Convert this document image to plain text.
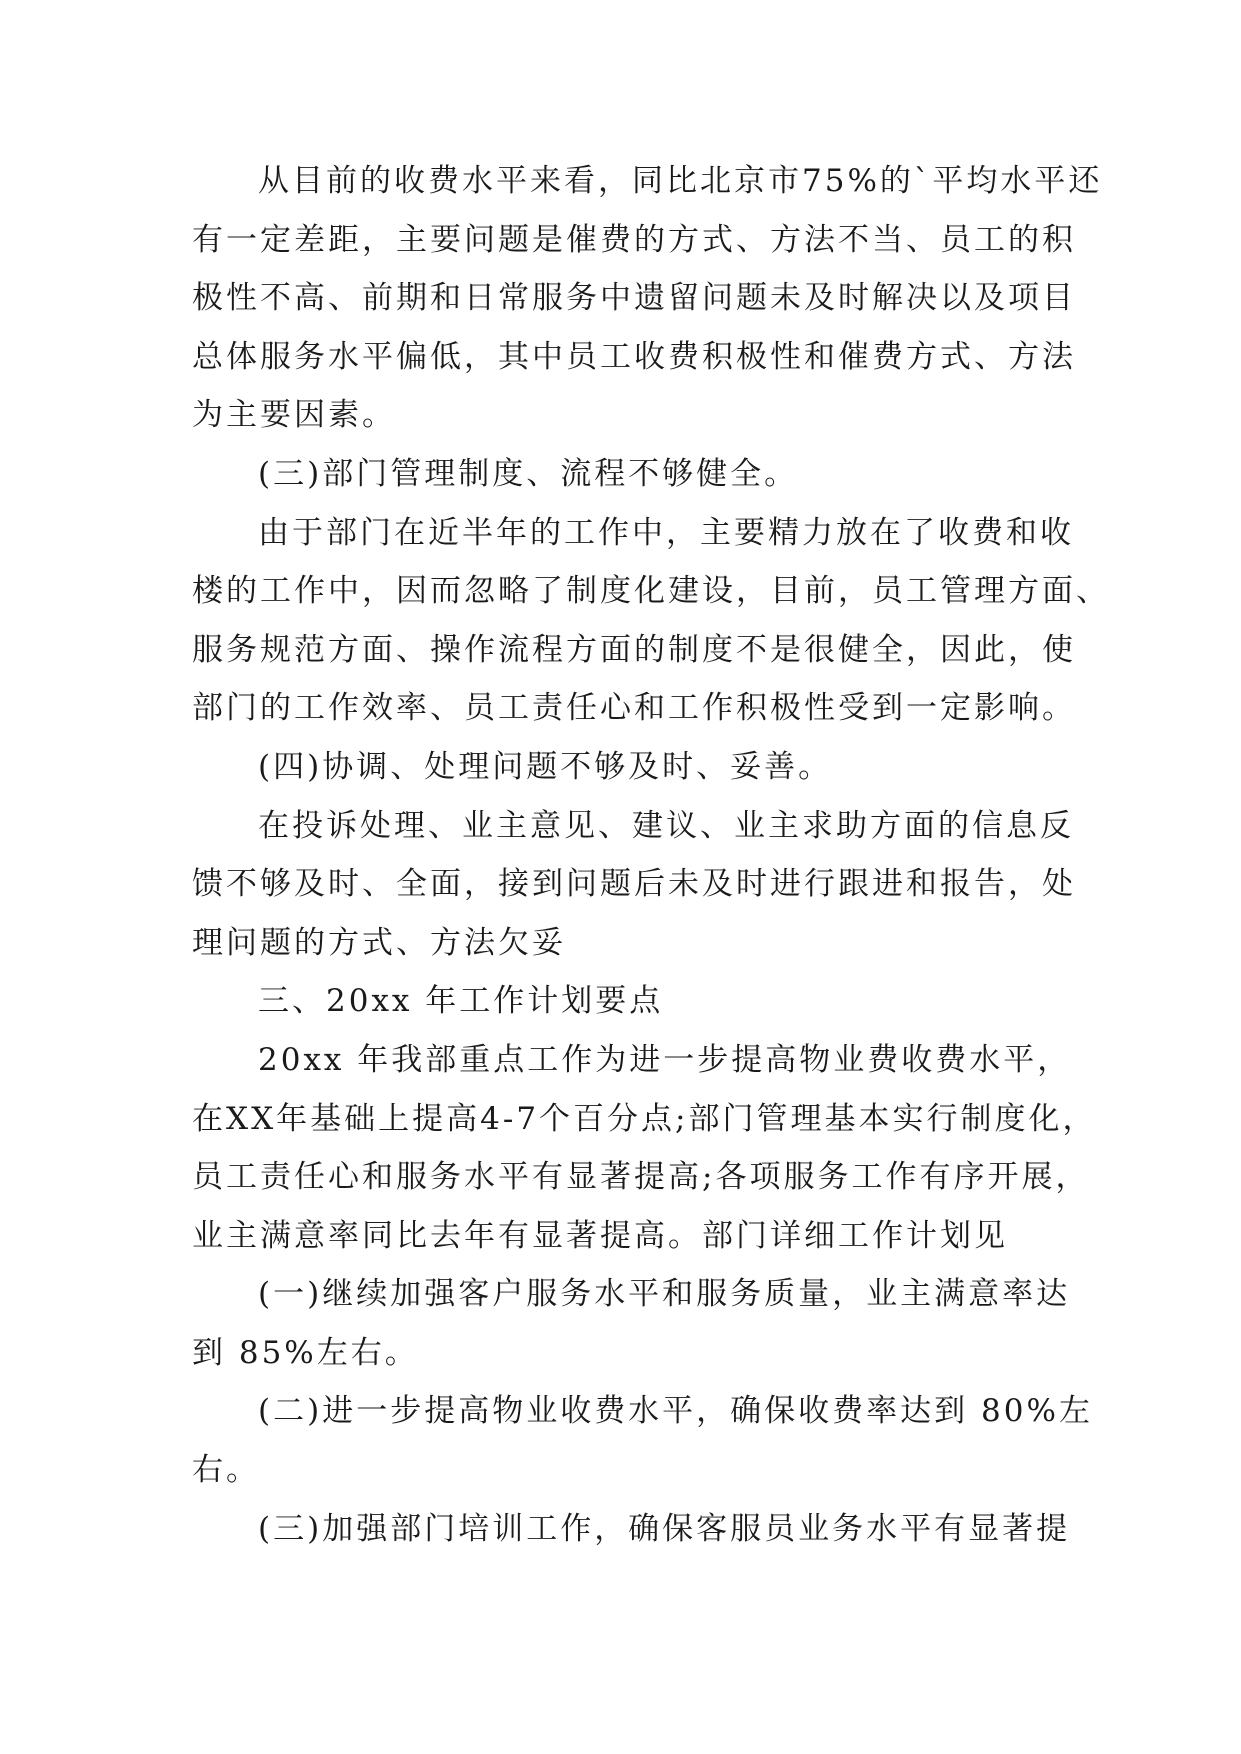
从目前的收费水平来看，同比北京市75%的`平均水平还
有一定差距，主要问题是催费的方式、方法不当、员工的积
极性不高、前期和日常服务中遗留问题未及时解决以及项目
总体服务水平偏低，其中员工收费积极性和催费方式、方法
为主要因素。
(三)部门管理制度、流程不够健全。
由于部门在近半年的工作中，主要精力放在了收费和收
楼的工作中，因而忽略了制度化建设，目前，员工管理方面、
服务规范方面、操作流程方面的制度不是很健全，因此，使
部门的工作效率、员工责任心和工作积极性受到一定影响。
(四)协调、处理问题不够及时、妥善。
在投诉处理、业主意见、建议、业主求助方面的信息反
馈不够及时、全面，接到问题后未及时进行跟进和报告，处
理问题的方式、方法欠妥
三、20xx 年工作计划要点
20xx 年我部重点工作为进一步提高物业费收费水平，
在XX年基础上提高4-7个百分点;部门管理基本实行制度化，
员工责任心和服务水平有显著提高;各项服务工作有序开展，
业主满意率同比去年有显著提高。部门详细工作计划见
(一)继续加强客户服务水平和服务质量，业主满意率达
到 85%左右。
(二)进一步提高物业收费水平，确保收费率达到 80%左
右。
(三)加强部门培训工作，确保客服员业务水平有显著提
